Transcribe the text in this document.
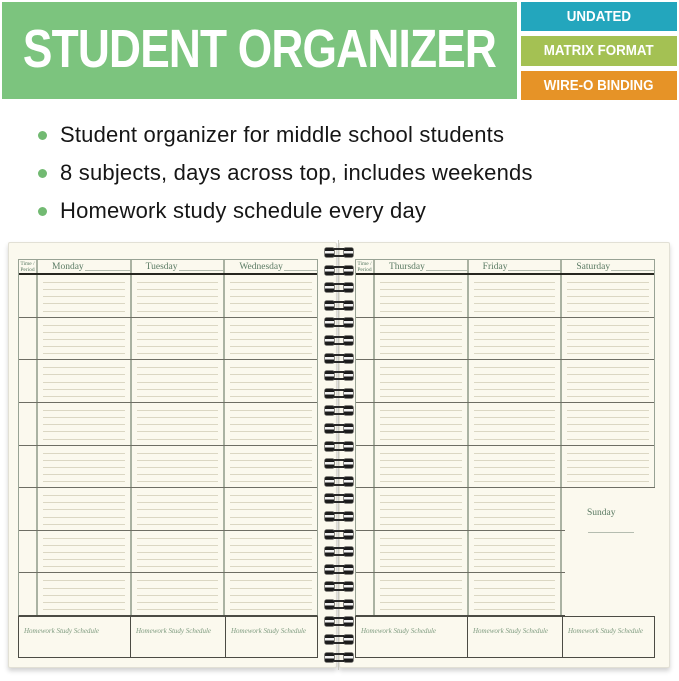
STUDENT ORGANIZER
UNDATED
MATRIX FORMAT
WIRE-O BINDING
Student organizer for middle school students
8 subjects, days across top, includes weekends
Homework study schedule every day
Time /
Period	Monday	Tuesday	Wednesday
Homework Study Schedule	Homework Study Schedule	Homework Study Schedule
Time /
Period	Thursday	Friday	Saturday
Sunday
Homework Study Schedule	Homework Study Schedule	Homework Study Schedule
